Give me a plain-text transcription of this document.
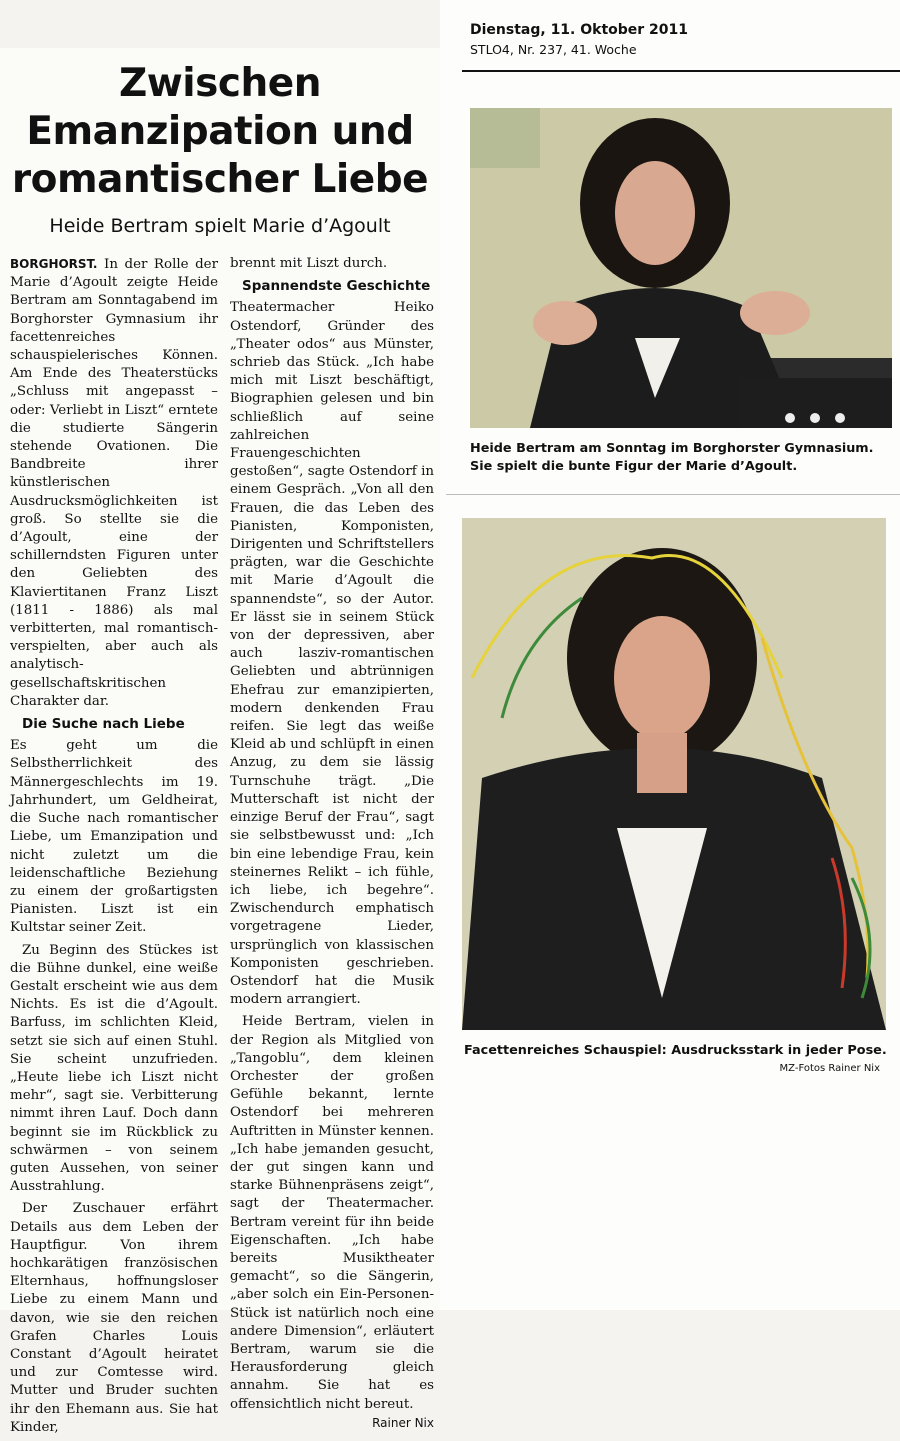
Dienstag, 11. Oktober 2011
STLO4, Nr. 237, 41. Woche
Zwischen
Emanzipation und
romantischer Liebe
Heide Bertram spielt Marie d’Agoult

BORGHORST. In der Rolle der Marie d’Agoult zeigte Heide Bertram am Sonntagabend im Borghorster Gymnasium ihr facettenreiches schauspielerisches Können. Am Ende des Theaterstücks „Schluss mit angepasst – oder: Verliebt in Liszt“ erntete die studierte Sängerin stehende Ovationen. Die Bandbreite ihrer künstlerischen Ausdrucksmöglichkeiten ist groß. So stellte sie die d’Agoult, eine der schillerndsten Figuren unter den Geliebten des Klaviertitanen Franz Liszt (1811 - 1886) als mal verbitterten, mal romantisch-verspielten, aber auch als analytisch-gesellschaftskritischen Charakter dar.

Die Suche nach Liebe

Es geht um die Selbstherrlichkeit des Männergeschlechts im 19. Jahrhundert, um Geldheirat, die Suche nach romantischer Liebe, um Emanzipation und nicht zuletzt um die leidenschaftliche Beziehung zu einem der großartigsten Pianisten. Liszt ist ein Kultstar seiner Zeit.

Zu Beginn des Stückes ist die Bühne dunkel, eine weiße Gestalt erscheint wie aus dem Nichts. Es ist die d’Agoult. Barfuss, im schlichten Kleid, setzt sie sich auf einen Stuhl. Sie scheint unzufrieden. „Heute liebe ich Liszt nicht mehr“, sagt sie. Verbitterung nimmt ihren Lauf. Doch dann beginnt sie im Rückblick zu schwärmen – von seinem guten Aussehen, von seiner Ausstrahlung.

Der Zuschauer erfährt Details aus dem Leben der Hauptfigur. Von ihrem hochkarätigen französischen Elternhaus, hoffnungsloser Liebe zu einem Mann und davon, wie sie den reichen Grafen Charles Louis Constant d’Agoult heiratet und zur Comtesse wird. Mutter und Bruder suchten ihr den Ehemann aus. Sie hat Kinder,

brennt mit Liszt durch.

Spannendste Geschichte

Theatermacher Heiko Ostendorf, Gründer des „Theater odos“ aus Münster, schrieb das Stück. „Ich habe mich mit Liszt beschäftigt, Biographien gelesen und bin schließlich auf seine zahlreichen Frauengeschichten gestoßen“, sagte Ostendorf in einem Gespräch. „Von all den Frauen, die das Leben des Pianisten, Komponisten, Dirigenten und Schriftstellers prägten, war die Geschichte mit Marie d’Agoult die spannendste“, so der Autor. Er lässt sie in seinem Stück von der depressiven, aber auch lasziv-romantischen Geliebten und abtrünnigen Ehefrau zur emanzipierten, modern denkenden Frau reifen. Sie legt das weiße Kleid ab und schlüpft in einen Anzug, zu dem sie lässig Turnschuhe trägt. „Die Mutterschaft ist nicht der einzige Beruf der Frau“, sagt sie selbstbewusst und: „Ich bin eine lebendige Frau, kein steinernes Relikt – ich fühle, ich liebe, ich begehre“. Zwischendurch emphatisch vorgetragene Lieder, ursprünglich von klassischen Komponisten geschrieben. Ostendorf hat die Musik modern arrangiert.

Heide Bertram, vielen in der Region als Mitglied von „Tangoblu“, dem kleinen Orchester der großen Gefühle bekannt, lernte Ostendorf bei mehreren Auftritten in Münster kennen. „Ich habe jemanden gesucht, der gut singen kann und starke Bühnenpräsens zeigt“, sagt der Theatermacher. Bertram vereint für ihn beide Eigenschaften. „Ich habe bereits Musiktheater gemacht“, so die Sängerin, „aber solch ein Ein-Personen-Stück ist natürlich noch eine andere Dimension“, erläutert Bertram, warum sie die Herausforderung gleich annahm. Sie hat es offensichtlich nicht bereut.
Rainer Nix

Heide Bertram am Sonntag im Borghorster Gymnasium. Sie spielt die bunte Figur der Marie d’Agoult.
Facettenreiches Schauspiel: Ausdrucksstark in jeder Pose.
MZ-Fotos Rainer Nix
